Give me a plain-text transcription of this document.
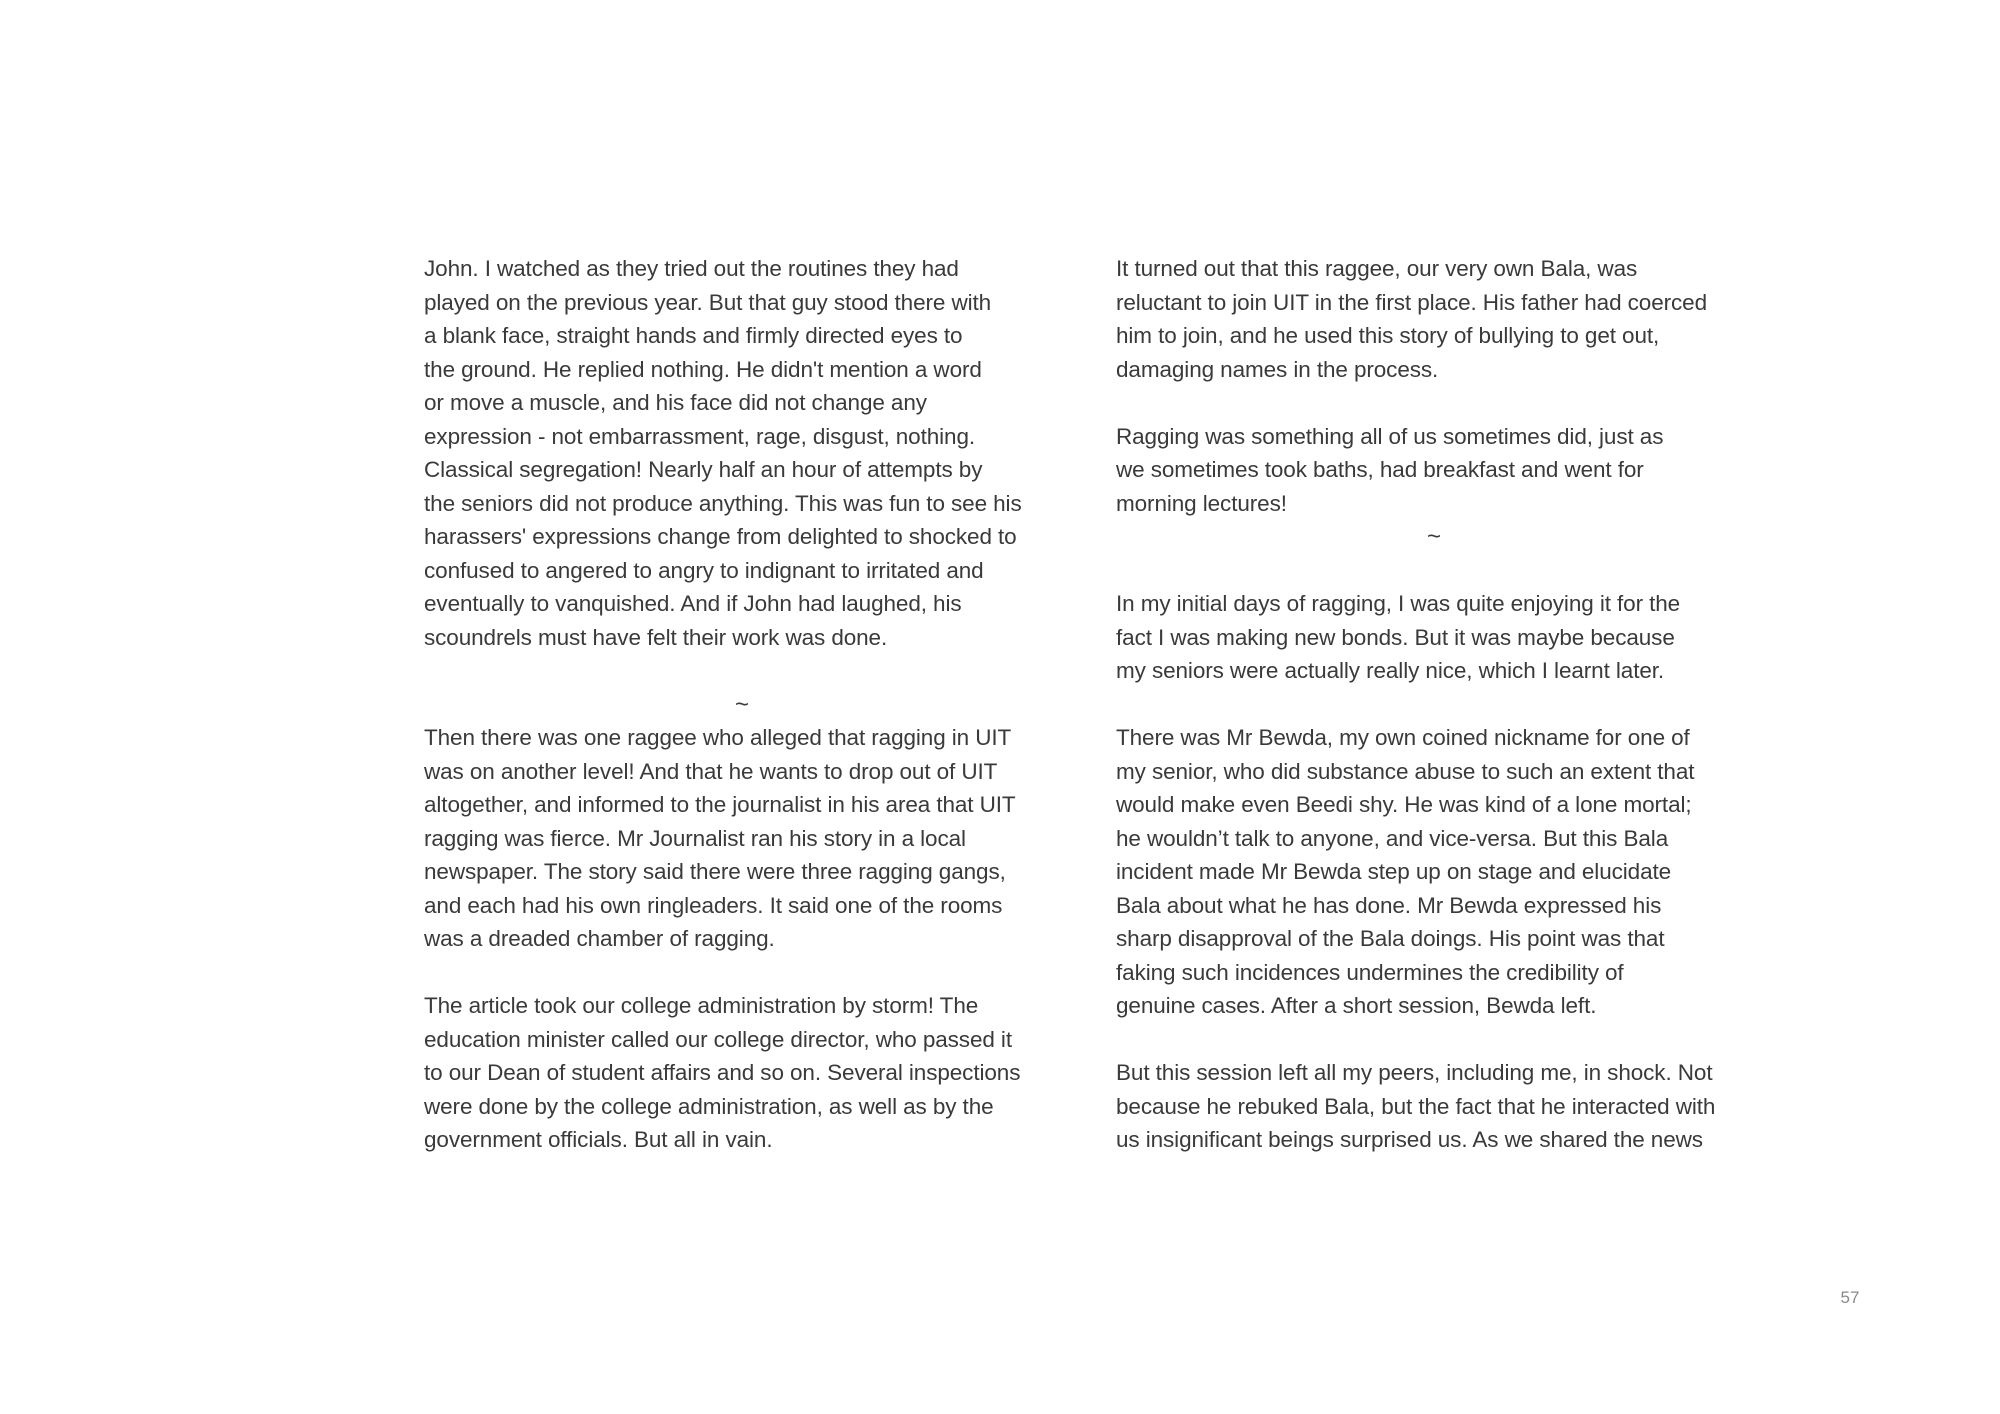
John. I watched as they tried out the routines they had
played on the previous year. But that guy stood there with
a blank face, straight hands and firmly directed eyes to
the ground. He replied nothing. He didn't mention a word
or move a muscle, and his face did not change any
expression - not embarrassment, rage, disgust, nothing.
Classical segregation! Nearly half an hour of attempts by
the seniors did not produce anything. This was fun to see his
harassers' expressions change from delighted to shocked to
confused to angered to angry to indignant to irritated and
eventually to vanquished. And if John had laughed, his
scoundrels must have felt their work was done.
~
Then there was one raggee who alleged that ragging in UIT
was on another level! And that he wants to drop out of UIT
altogether, and informed to the journalist in his area that UIT
ragging was fierce. Mr Journalist ran his story in a local
newspaper. The story said there were three ragging gangs,
and each had his own ringleaders. It said one of the rooms
was a dreaded chamber of ragging.
The article took our college administration by storm! The
education minister called our college director, who passed it
to our Dean of student affairs and so on. Several inspections
were done by the college administration, as well as by the
government officials. But all in vain.
It turned out that this raggee, our very own Bala, was
reluctant to join UIT in the first place. His father had coerced
him to join, and he used this story of bullying to get out,
damaging names in the process.
Ragging was something all of us sometimes did, just as
we sometimes took baths, had breakfast and went for
morning lectures!
~
In my initial days of ragging, I was quite enjoying it for the
fact I was making new bonds. But it was maybe because
my seniors were actually really nice, which I learnt later.
There was Mr Bewda, my own coined nickname for one of
my senior, who did substance abuse to such an extent that
would make even Beedi shy. He was kind of a lone mortal;
he wouldn’t talk to anyone, and vice-versa. But this Bala
incident made Mr Bewda step up on stage and elucidate
Bala about what he has done. Mr Bewda expressed his
sharp disapproval of the Bala doings. His point was that
faking such incidences undermines the credibility of
genuine cases. After a short session, Bewda left.
But this session left all my peers, including me, in shock. Not
because he rebuked Bala, but the fact that he interacted with
us insignificant beings surprised us. As we shared the news
57
